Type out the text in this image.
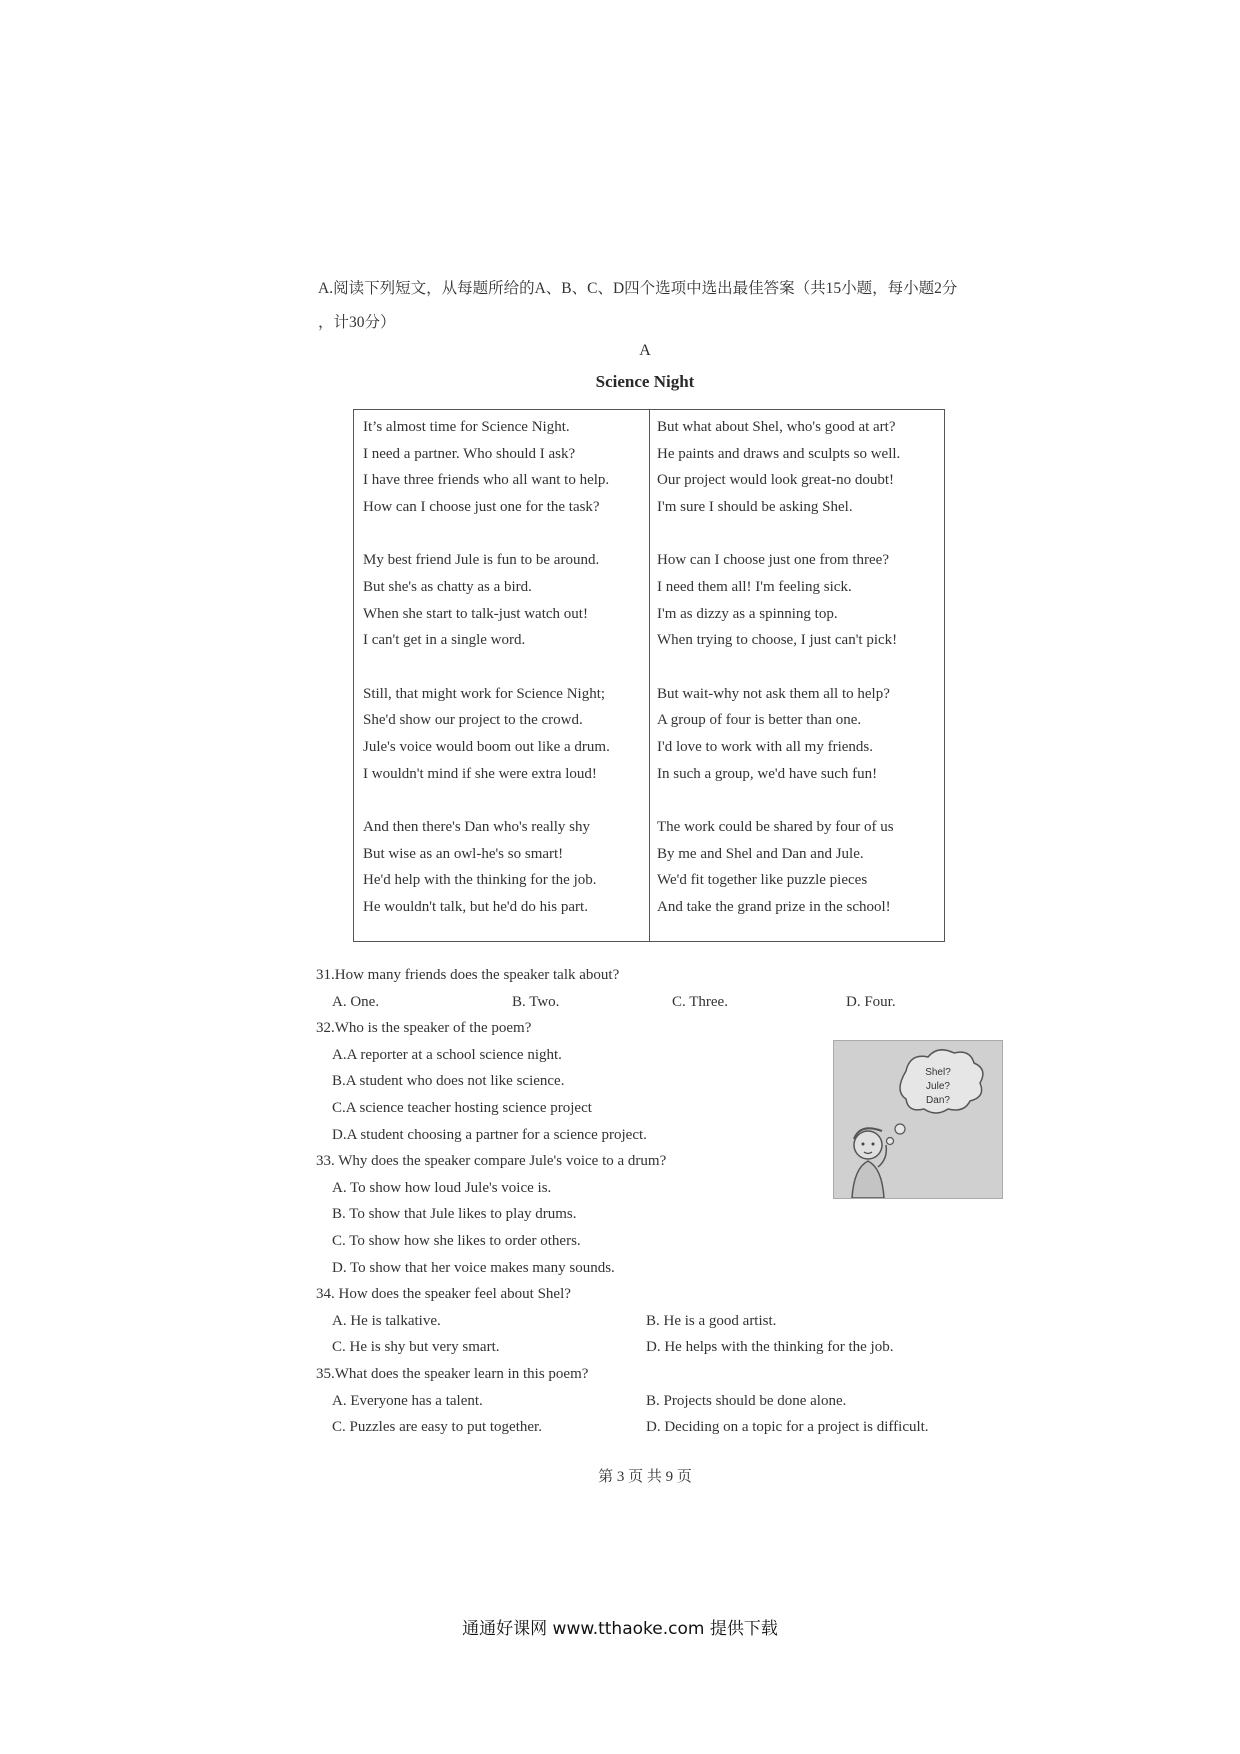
A.阅读下列短文，从每题所给的A、B、C、D四个选项中选出最佳答案（共15小题，每小题2分
，计30分）
A
Science Night
It’s almost time for Science Night.
I need a partner. Who should I ask?
I have three friends who all want to help.
How can I choose just one for the task?
My best friend Jule is fun to be around.
But she's as chatty as a bird.
When she start to talk-just watch out!
I can't get in a single word.
Still, that might work for Science Night;
She'd show our project to the crowd.
Jule's voice would boom out like a drum.
I wouldn't mind if she were extra loud!
And then there's Dan who's really shy
But wise as an owl-he's so smart!
He'd help with the thinking for the job.
He wouldn't talk, but he'd do his part.
But what about Shel, who's good at art?
He paints and draws and sculpts so well.
Our project would look great-no doubt!
I'm sure I should be asking Shel.
How can I choose just one from three?
I need them all! I'm feeling sick.
I'm as dizzy as a spinning top.
When trying to choose, I just can't pick!
But wait-why not ask them all to help?
A group of four is better than one.
I'd love to work with all my friends.
In such a group, we'd have such fun!
The work could be shared by four of us
By me and Shel and Dan and Jule.
We'd fit together like puzzle pieces
And take the grand prize in the school!
31.How many friends does the speaker talk about?
A. One.	B. Two.	C. Three.	D. Four.
32.Who is the speaker of the poem?
A.A reporter at a school science night.
B.A student who does not like science.
C.A science teacher hosting science project
D.A student choosing a partner for a science project.
33. Why does the speaker compare Jule's voice to a drum?
A. To show how loud Jule's voice is.
B. To show that Jule likes to play drums.
C. To show how she likes to order others.
D. To show that her voice makes many sounds.
34. How does the speaker feel about Shel?
A. He is talkative.	B. He is a good artist.
C. He is shy but very smart.	D. He helps with the thinking for the job.
35.What does the speaker learn in this poem?
A. Everyone has a talent.	B. Projects should be done alone.
C. Puzzles are easy to put together.	D. Deciding on a topic for a project is difficult.
Shel?
Jule?
Dan?
第 3 页 共 9 页
通通好课网 www.tthaoke.com 提供下载
